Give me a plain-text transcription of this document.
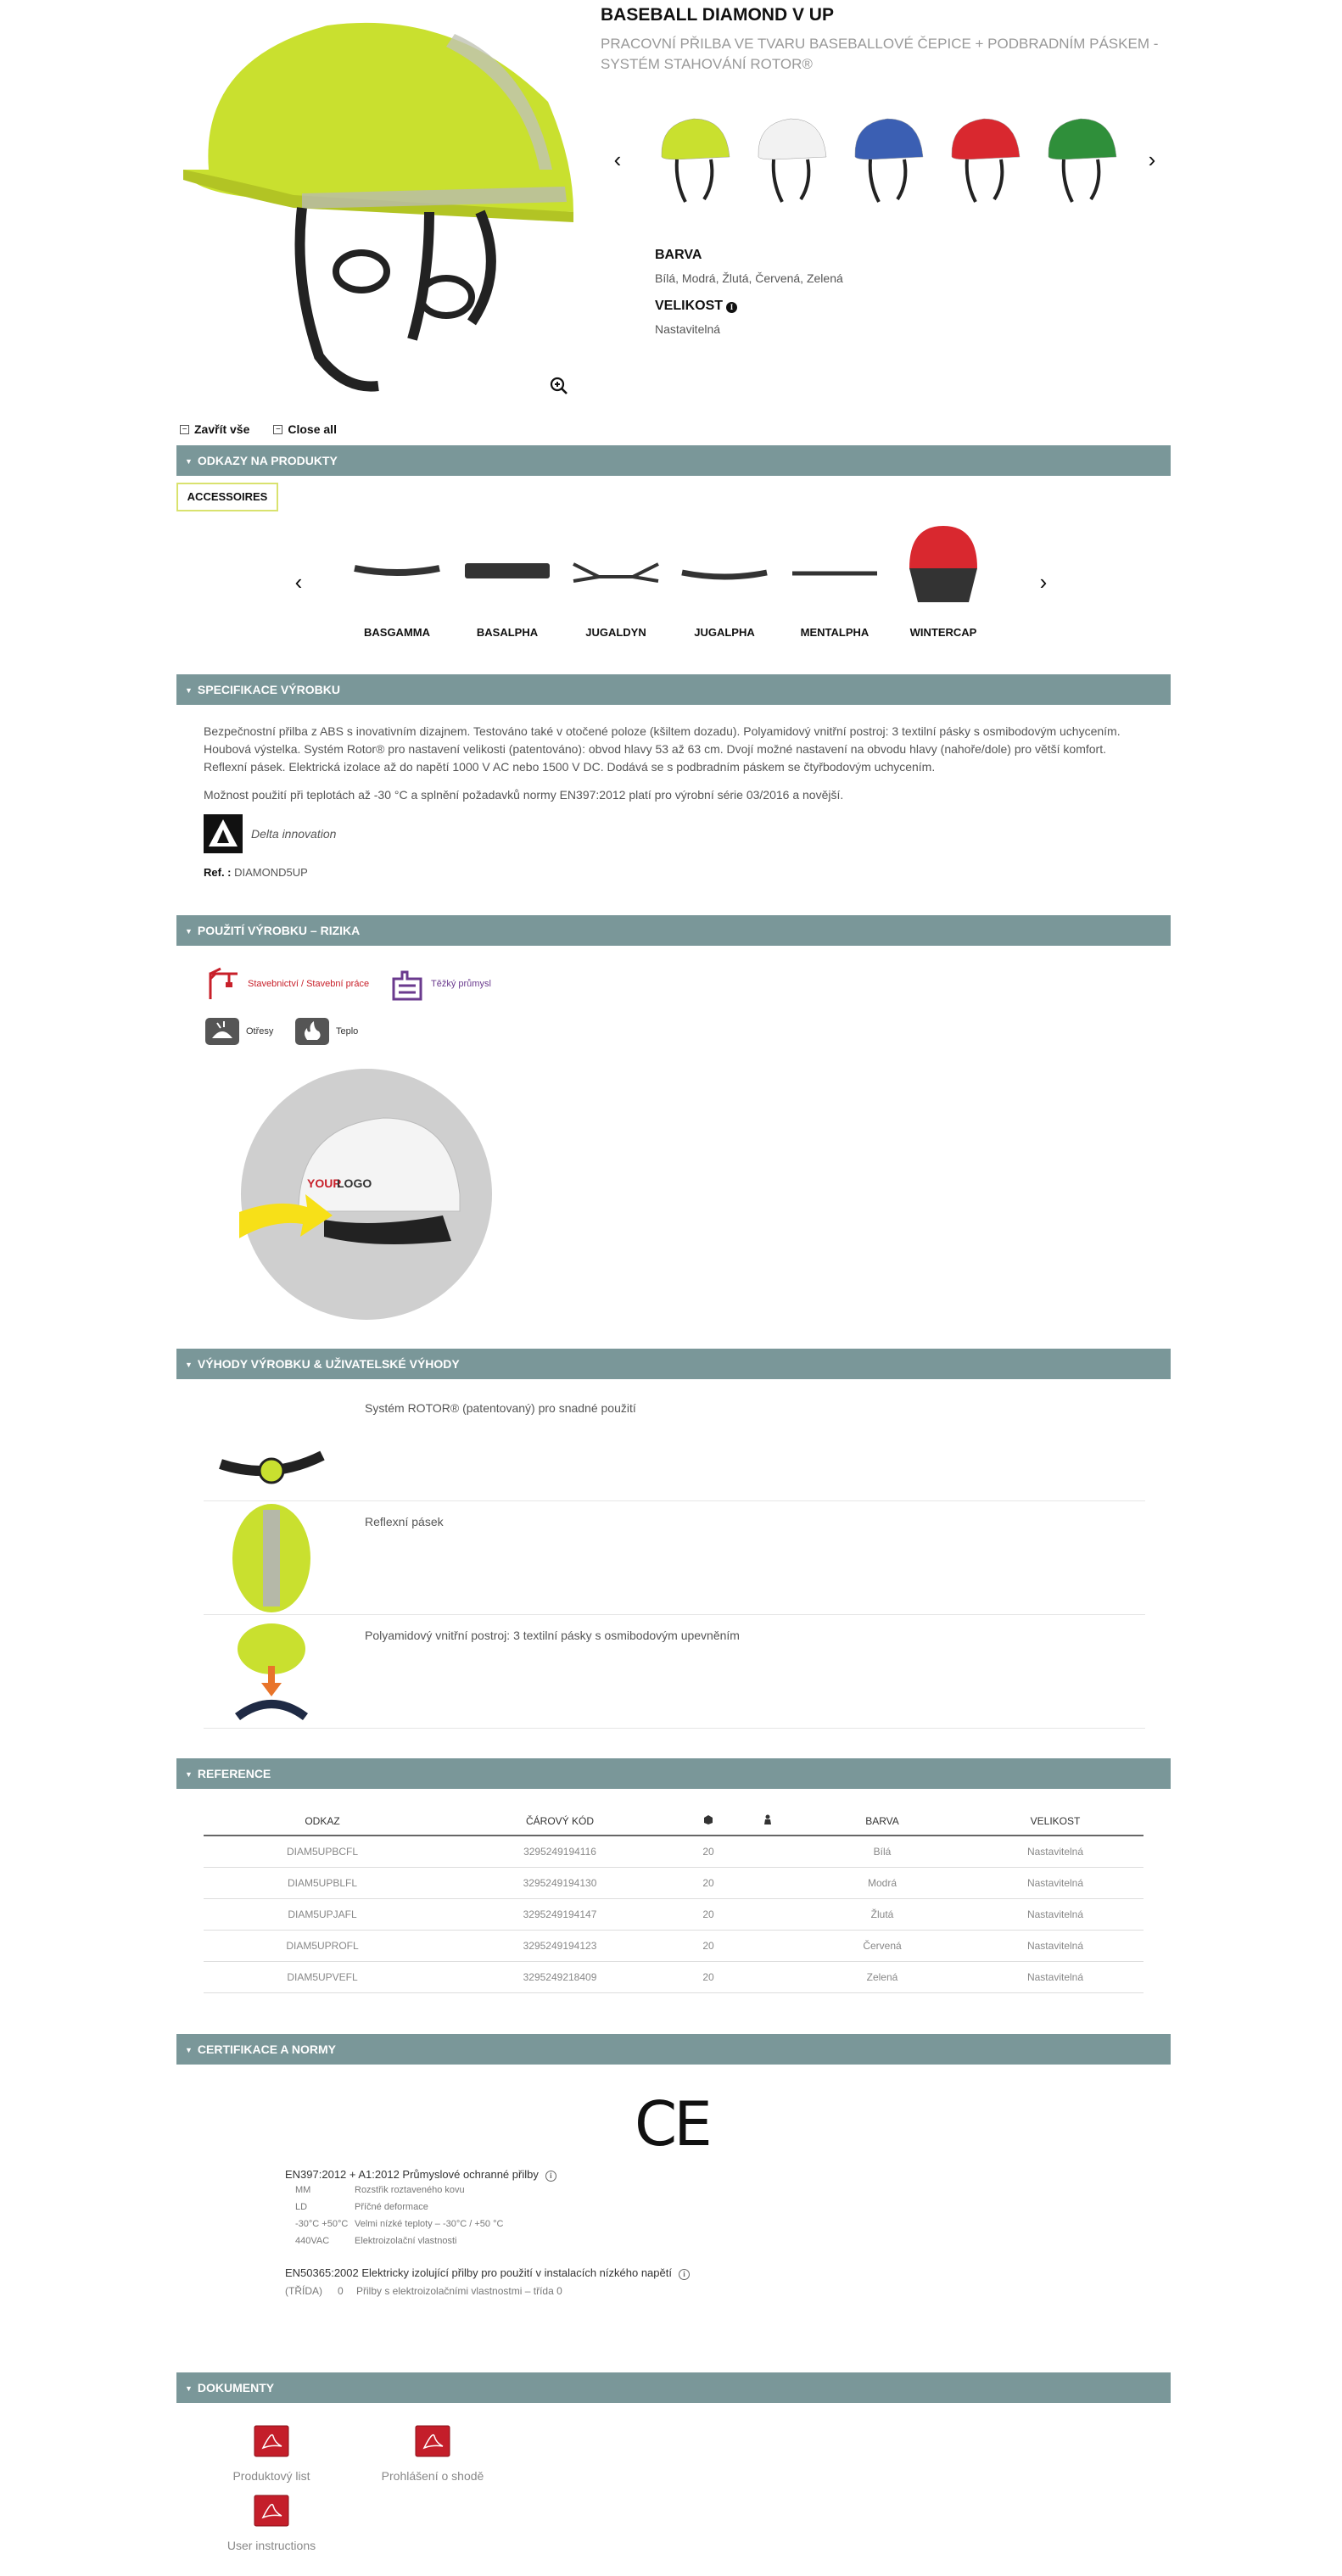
BASEBALL DIAMOND V UP
PRACOVNÍ PŘILBA VE TVARU BASEBALLOVÉ ČEPICE + PODBRADNÍM PÁSKEM - SYSTÉM STAHOVÁNÍ ROTOR®
‹	›
BARVA
Bílá, Modrá, Žlutá, Červená, Zelená
VELIKOST I
Nastavitelná
− Zavřít vše	− Close all
▼ ODKAZY NA PRODUKTY
ACCESSOIRES
‹	›
BASGAMMA	BASALPHA	JUGALDYN	JUGALPHA	MENTALPHA	WINTERCAP
▼ SPECIFIKACE VÝROBKU

Bezpečnostní přilba z ABS s inovativním dizajnem. Testováno také v otočené poloze (kšiltem dozadu). Polyamidový vnitřní postroj: 3 textilní pásky s osmibodovým uchycením. Houbová výstelka. Systém Rotor® pro nastavení velikosti (patentováno): obvod hlavy 53 až 63 cm. Dvojí možné nastavení na obvodu hlavy (nahoře/dole) pro větší komfort. Reflexní pásek. Elektrická izolace až do napětí 1000 V AC nebo 1500 V DC. Dodává se s podbradním páskem se čtyřbodovým uchycením.

Možnost použití při teplotách až -30 °C a splnění požadavků normy EN397:2012 platí pro výrobní série 03/2016 a novější.

Delta innovation
Ref. : DIAMOND5UP
▼ POUŽITÍ VÝROBKU – RIZIKA
Stavebnictví / Stavební práce	Těžký průmysl
Otřesy	Teplo
YOUR
LOGO
▼ VÝHODY VÝROBKU & UŽIVATELSKÉ VÝHODY
Systém ROTOR® (patentovaný) pro snadné použití
Reflexní pásek
Polyamidový vnitřní postroj: 3 textilní pásky s osmibodovým upevněním
▼ REFERENCE
ODKAZ	ČÁROVÝ KÓD			BARVA	VELIKOST
DIAM5UPBCFL	3295249194116	20		Bílá	Nastavitelná
DIAM5UPBLFL	3295249194130	20		Modrá	Nastavitelná
DIAM5UPJAFL	3295249194147	20		Žlutá	Nastavitelná
DIAM5UPROFL	3295249194123	20		Červená	Nastavitelná
DIAM5UPVEFL	3295249218409	20		Zelená	Nastavitelná
▼ CERTIFIKACE A NORMY
CE
EN397:2012 + A1:2012 Průmyslové ochranné přilby i
MM	Rozstřik roztaveného kovu
LD	Příčné deformace
-30°C +50°C Velmi nízké teploty – -30°C / +50 °C
440VAC	Elektroizolační vlastnosti
EN50365:2002 Elektricky izolující přilby pro použití v instalacích nízkého napětí i
(TŘÍDA)	0	Přilby s elektroizolačními vlastnostmi – třída 0
▼ DOKUMENTY
Produktový list	Prohlášení o shodě
User instructions
